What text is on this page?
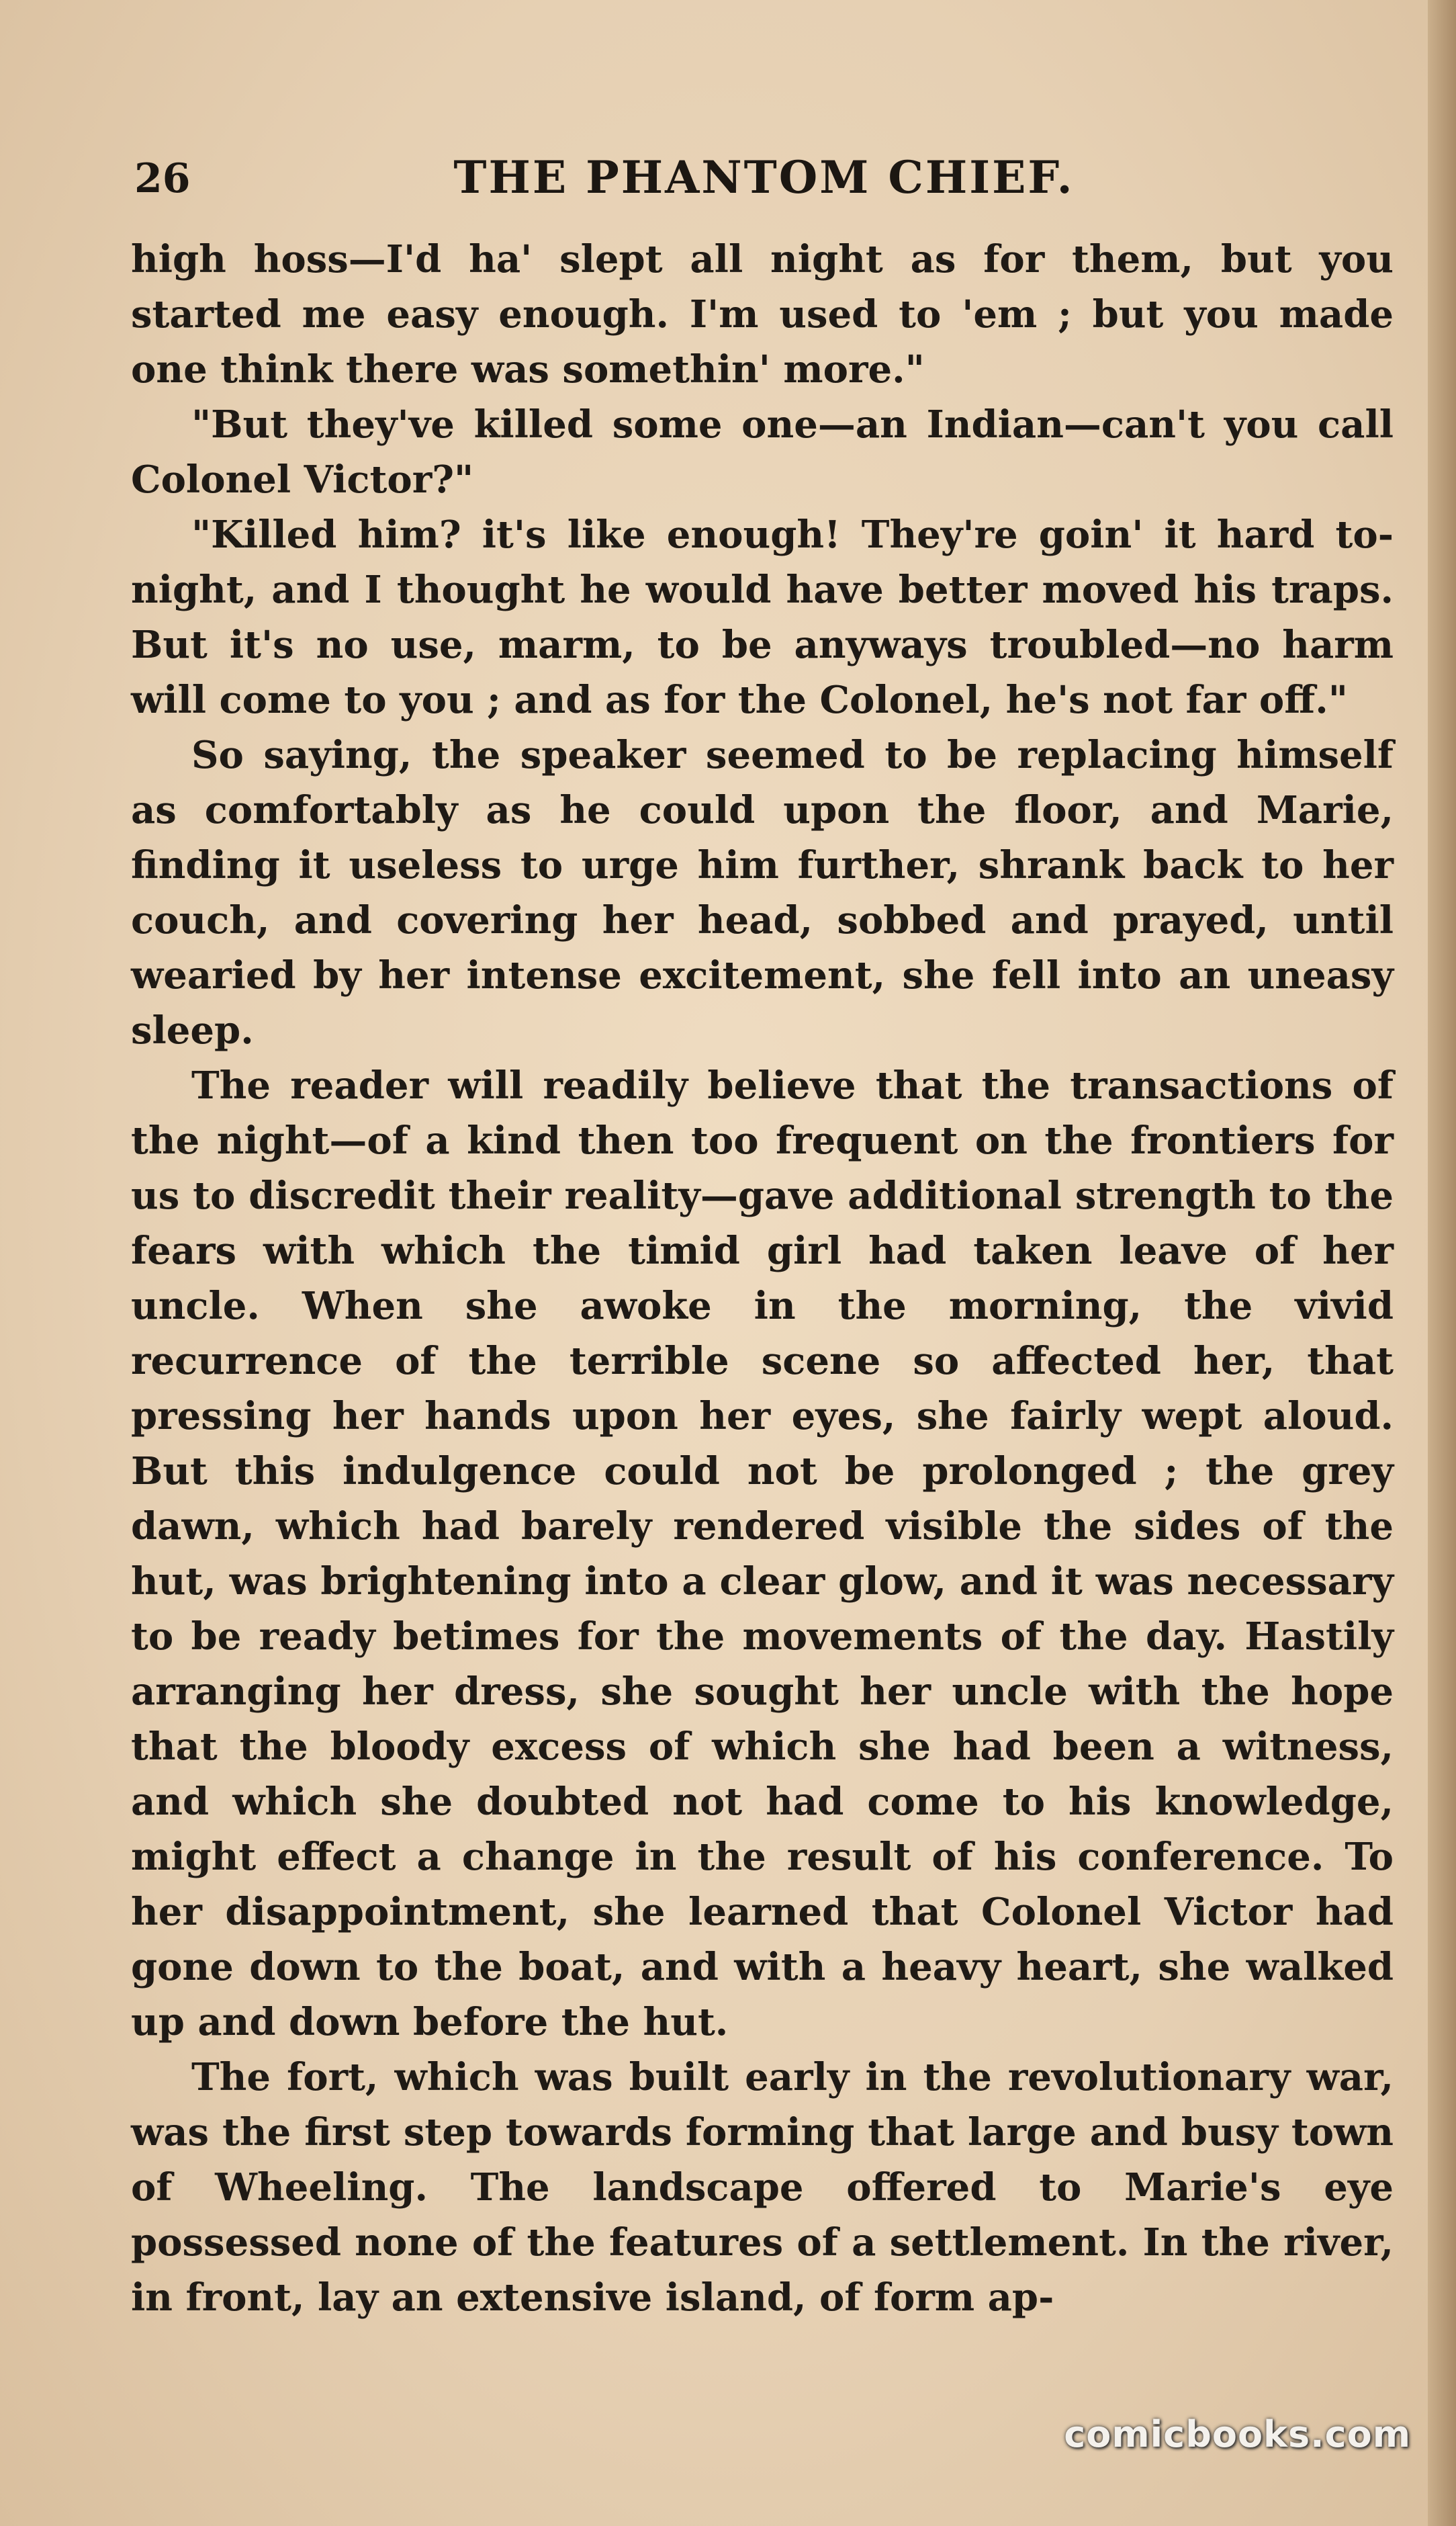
26	THE PHANTOM CHIEF.

high hoss—I'd ha' slept all night as for them, but you started me easy enough. I'm used to 'em ; but you made one think there was somethin' more."

"But they've killed some one—an Indian—can't you call Colonel Victor?"

"Killed him? it's like enough! They're goin' it hard to-night, and I thought he would have better moved his traps. But it's no use, marm, to be anyways troubled—no harm will come to you ; and as for the Colonel, he's not far off."

So saying, the speaker seemed to be replacing himself as comfortably as he could upon the floor, and Marie, finding it useless to urge him further, shrank back to her couch, and covering her head, sobbed and prayed, until wearied by her intense excitement, she fell into an uneasy sleep.

The reader will readily believe that the transactions of the night—of a kind then too frequent on the frontiers for us to discredit their reality—gave additional strength to the fears with which the timid girl had taken leave of her uncle. When she awoke in the morning, the vivid recurrence of the terrible scene so affected her, that pressing her hands upon her eyes, she fairly wept aloud. But this indulgence could not be prolonged ; the grey dawn, which had barely rendered visible the sides of the hut, was brightening into a clear glow, and it was necessary to be ready betimes for the movements of the day. Hastily arranging her dress, she sought her uncle with the hope that the bloody excess of which she had been a witness, and which she doubted not had come to his knowledge, might effect a change in the result of his conference. To her disappointment, she learned that Colonel Victor had gone down to the boat, and with a heavy heart, she walked up and down before the hut.

The fort, which was built early in the revolutionary war, was the first step towards forming that large and busy town of Wheeling. The landscape offered to Marie's eye possessed none of the features of a settlement. In the river, in front, lay an extensive island, of form ap-

comicbooks.com
